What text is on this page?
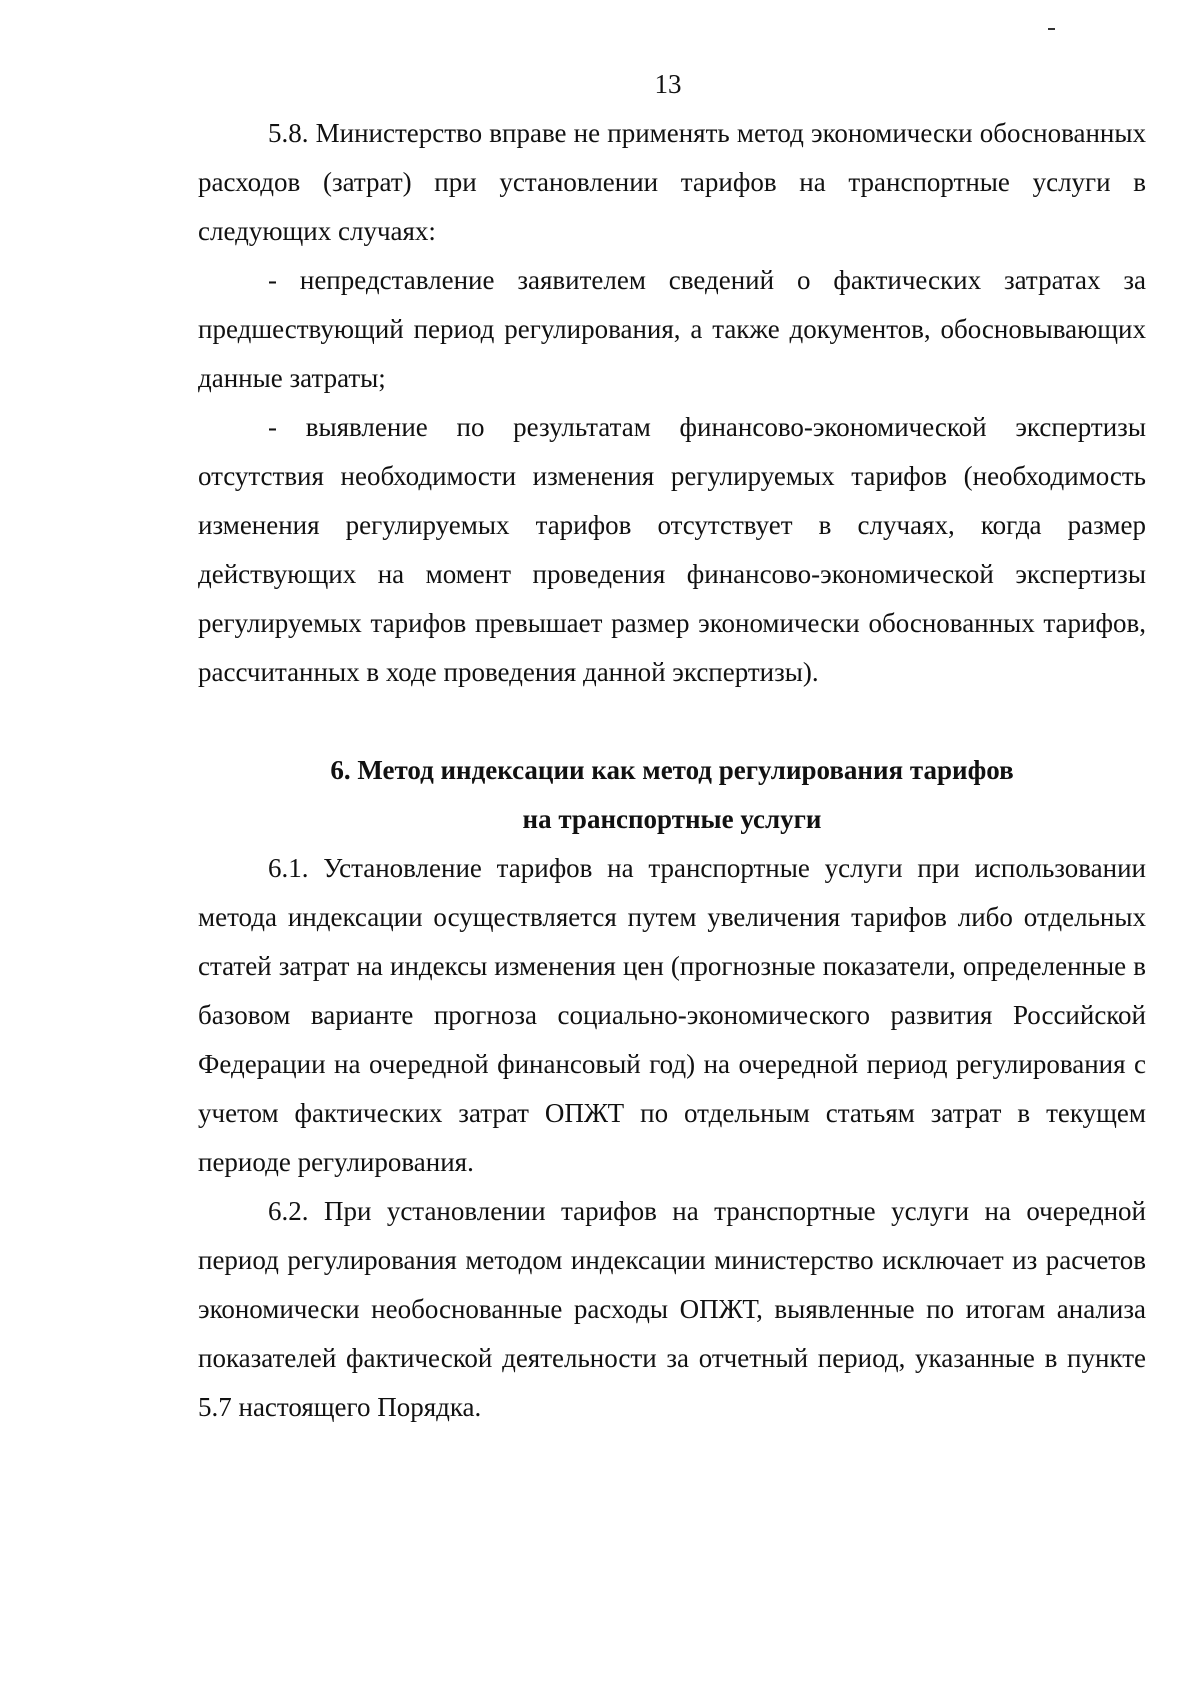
13

5.8. Министерство вправе не применять метод экономически обоснованных расходов (затрат) при установлении тарифов на транспортные услуги в следующих случаях:

- непредставление заявителем сведений о фактических затратах за предшествующий период регулирования, а также документов, обосновывающих данные затраты;

- выявление по результатам финансово-экономической экспертизы отсутствия необходимости изменения регулируемых тарифов (необходимость изменения регулируемых тарифов отсутствует в случаях, когда размер действующих на момент проведения финансово-экономической экспертизы регулируемых тарифов превышает размер экономически обоснованных тарифов, рассчитанных в ходе проведения данной экспертизы).

6. Метод индексации как метод регулирования тарифов
на транспортные услуги

6.1. Установление тарифов на транспортные услуги при использовании метода индексации осуществляется путем увеличения тарифов либо отдельных статей затрат на индексы изменения цен (прогнозные показатели, определенные в базовом варианте прогноза социально-экономического развития Российской Федерации на очередной финансовый год) на очередной период регулирования с учетом фактических затрат ОПЖТ по отдельным статьям затрат в текущем периоде регулирования.

6.2. При установлении тарифов на транспортные услуги на очередной период регулирования методом индексации министерство исключает из расчетов экономически необоснованные расходы ОПЖТ, выявленные по итогам анализа показателей фактической деятельности за отчетный период, указанные в пункте 5.7 настоящего Порядка.
